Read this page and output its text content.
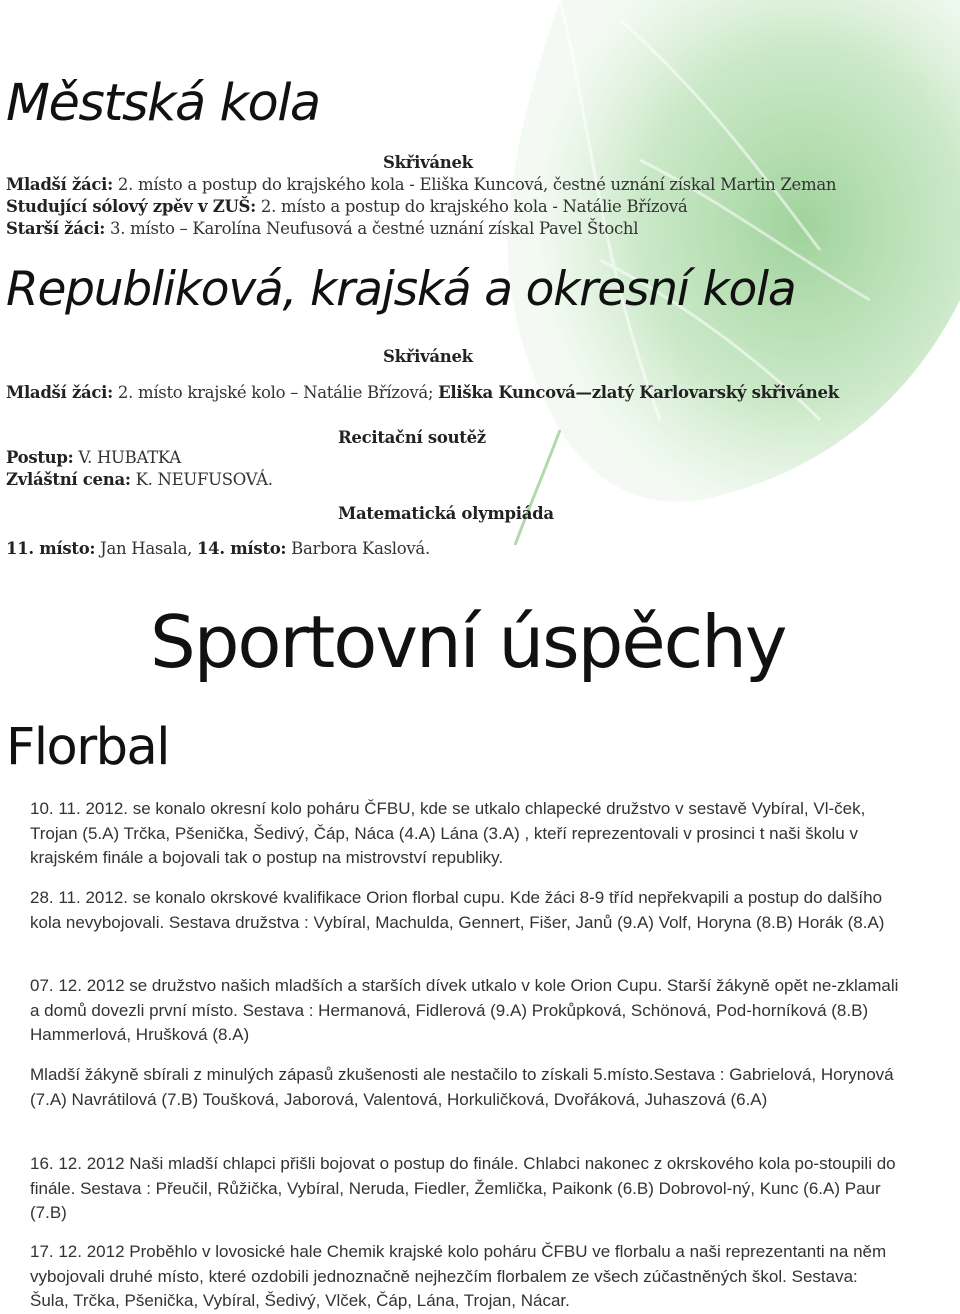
Městská kola
Skřivánek
Mladší žáci: 2. místo a postup do krajského kola - Eliška Kuncová, čestné uznání získal Martin Zeman
Studující sólový zpěv v ZUŠ: 2. místo a postup do krajského kola - Natálie Břízová
Starší žáci: 3. místo – Karolína Neufusová a čestné uznání získal Pavel Štochl
Republiková, krajská a okresní kola
Skřivánek
Mladší žáci: 2. místo krajské kolo – Natálie Břízová; Eliška Kuncová—zlatý Karlovarský skřivánek
Recitační soutěž
Postup: V. HUBATKA
Zvláštní cena: K. NEUFUSOVÁ.
Matematická olympiáda
11. místo: Jan Hasala, 14. místo: Barbora Kaslová.
Sportovní úspěchy
Florbal

10. 11. 2012. se konalo okresní kolo poháru ČFBU, kde se utkalo chlapecké družstvo v sestavě Vybíral, Vl-ček, Trojan (5.A) Trčka, Pšenička, Šedivý, Čáp, Náca (4.A) Lána (3.A) , kteří reprezentovali v prosinci t naši školu v krajském finále a bojovali tak o postup na mistrovství republiky.

28. 11. 2012. se konalo okrskové kvalifikace Orion florbal cupu. Kde žáci 8-9 tříd nepřekvapili a postup do dalšího kola nevybojovali. Sestava družstva : Vybíral, Machulda, Gennert, Fišer, Janů (9.A) Volf, Horyna (8.B) Horák (8.A)

07. 12. 2012 se družstvo našich mladších a starších dívek utkalo v kole Orion Cupu. Starší žákyně opět ne-zklamali a domů dovezli první místo. Sestava : Hermanová, Fidlerová (9.A) Prokůpková, Schönová, Pod-horníková (8.B) Hammerlová, Hrušková (8.A)

Mladší žákyně sbírali z minulých zápasů zkušenosti ale nestačilo to získali 5.místo.Sestava : Gabrielová, Horynová (7.A) Navrátilová (7.B) Toušková, Jaborová, Valentová, Horkuličková, Dvořáková, Juhaszová (6.A)

16. 12. 2012 Naši mladší chlapci přišli bojovat o postup do finále. Chlabci nakonec z okrskového kola po-stoupili do finále. Sestava : Přeučil, Růžička, Vybíral, Neruda, Fiedler, Žemlička, Paikonk (6.B) Dobrovol-ný, Kunc (6.A) Paur (7.B)

17. 12. 2012 Proběhlo v lovosické hale Chemik krajské kolo poháru ČFBU ve florbalu a naši reprezentanti na něm vybojovali druhé místo, které ozdobili jednoznačně nejhezčím florbalem ze všech zúčastněných škol. Sestava: Šula, Trčka, Pšenička, Vybíral, Šedivý, Vlček, Čáp, Lána, Trojan, Nácar.
